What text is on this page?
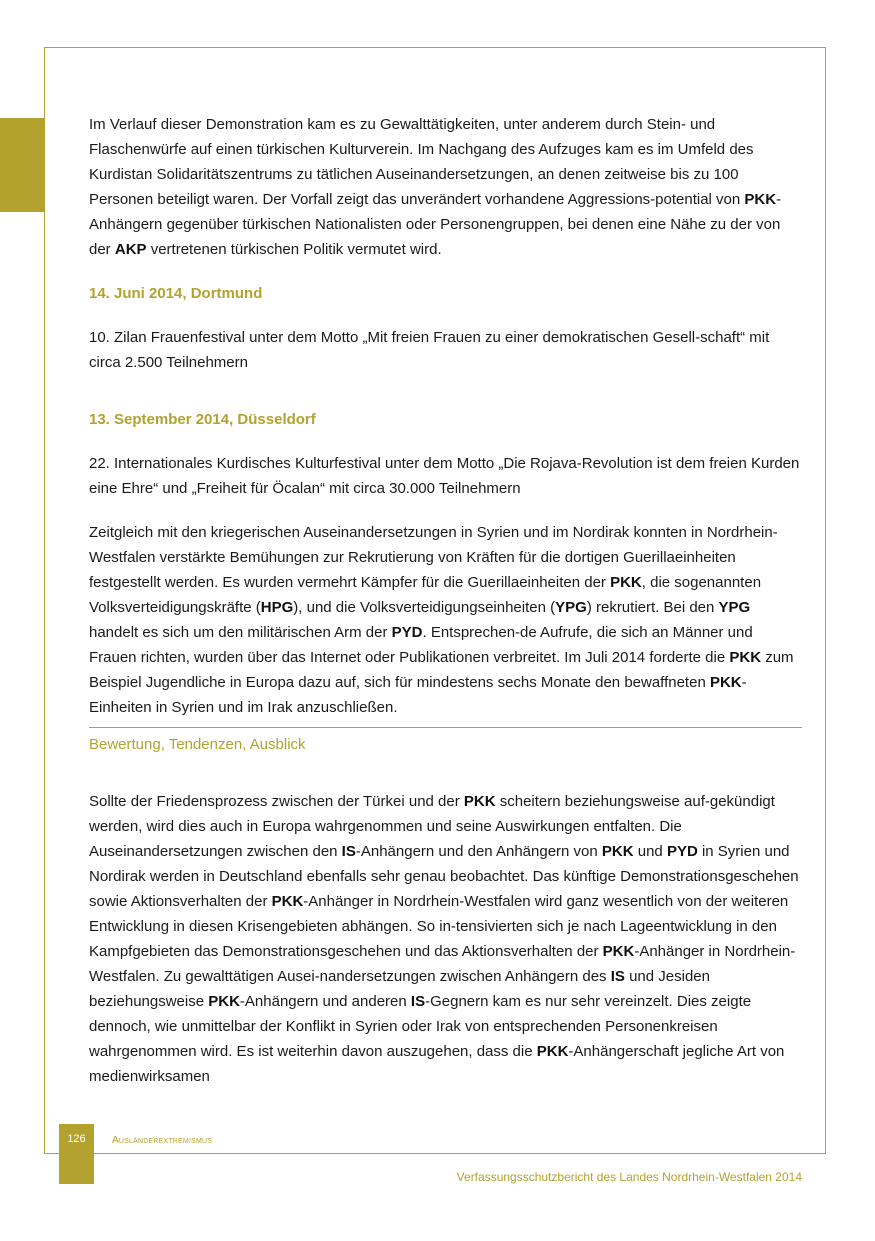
Im Verlauf dieser Demonstration kam es zu Gewalttätigkeiten, unter anderem durch Stein- und Flaschenwürfe auf einen türkischen Kulturverein. Im Nachgang des Aufzuges kam es im Umfeld des Kurdistan Solidaritätszentrums zu tätlichen Auseinandersetzungen, an denen zeitweise bis zu 100 Personen beteiligt waren. Der Vorfall zeigt das unverändert vorhandene Aggressions-potential von PKK-Anhängern gegenüber türkischen Nationalisten oder Personengruppen, bei denen eine Nähe zu der von der AKP vertretenen türkischen Politik vermutet wird.

14. Juni 2014, Dortmund

10. Zilan Frauenfestival unter dem Motto „Mit freien Frauen zu einer demokratischen Gesell-schaft“ mit circa 2.500 Teilnehmern

13. September 2014, Düsseldorf

22. Internationales Kurdisches Kulturfestival unter dem Motto „Die Rojava-Revolution ist dem freien Kurden eine Ehre“ und „Freiheit für Öcalan“ mit circa 30.000 Teilnehmern

Zeitgleich mit den kriegerischen Auseinandersetzungen in Syrien und im Nordirak konnten in Nordrhein-Westfalen verstärkte Bemühungen zur Rekrutierung von Kräften für die dortigen Guerillaeinheiten festgestellt werden. Es wurden vermehrt Kämpfer für die Guerillaeinheiten der PKK, die sogenannten Volksverteidigungskräfte (HPG), und die Volksverteidigungseinheiten (YPG) rekrutiert. Bei den YPG handelt es sich um den militärischen Arm der PYD. Entsprechen-de Aufrufe, die sich an Männer und Frauen richten, wurden über das Internet oder Publikationen verbreitet. Im Juli 2014 forderte die PKK zum Beispiel Jugendliche in Europa dazu auf, sich für mindestens sechs Monate den bewaffneten PKK-Einheiten in Syrien und im Irak anzuschließen.

Bewertung, Tendenzen, Ausblick

Sollte der Friedensprozess zwischen der Türkei und der PKK scheitern beziehungsweise auf-gekündigt werden, wird dies auch in Europa wahrgenommen und seine Auswirkungen entfalten. Die Auseinandersetzungen zwischen den IS-Anhängern und den Anhängern von PKK und PYD in Syrien und Nordirak werden in Deutschland ebenfalls sehr genau beobachtet. Das künftige Demonstrationsgeschehen sowie Aktionsverhalten der PKK-Anhänger in Nordrhein-Westfalen wird ganz wesentlich von der weiteren Entwicklung in diesen Krisengebieten abhängen. So in-tensivierten sich je nach Lageentwicklung in den Kampfgebieten das Demonstrationsgeschehen und das Aktionsverhalten der PKK-Anhänger in Nordrhein-Westfalen. Zu gewalttätigen Ausei-nandersetzungen zwischen Anhängern des IS und Jesiden beziehungsweise PKK-Anhängern und anderen IS-Gegnern kam es nur sehr vereinzelt. Dies zeigte dennoch, wie unmittelbar der Konflikt in Syrien oder Irak von entsprechenden Personenkreisen wahrgenommen wird. Es ist weiterhin davon auszugehen, dass die PKK-Anhängerschaft jegliche Art von medienwirksamen

126	Ausländerextremismus
Verfassungsschutzbericht des Landes Nordrhein-Westfalen 2014
